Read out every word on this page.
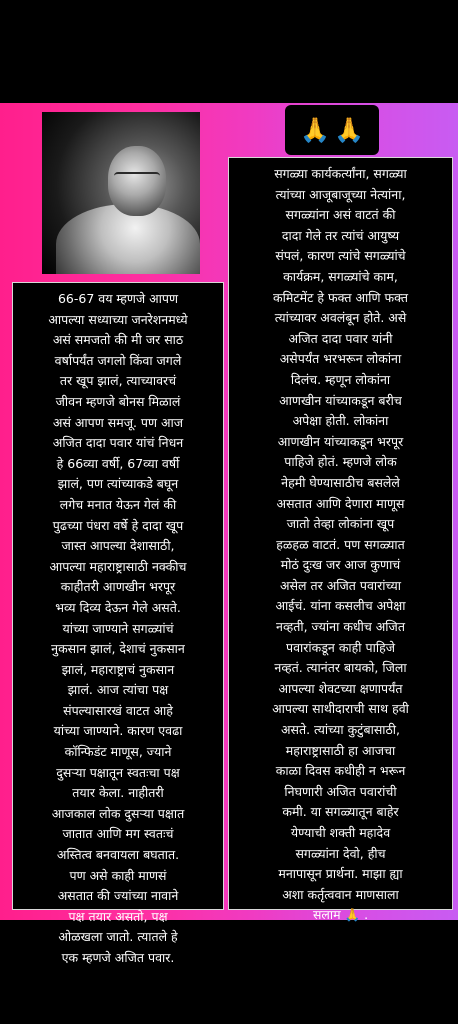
🙏 🙏
66-67 वय म्हणजे आपण
आपल्या सध्याच्या जनरेशनमध्ये
असं समजतो की मी जर साठ
वर्षापर्यंत जगलो किंवा जगले
तर खूप झालं, त्याच्यावरचं
जीवन म्हणजे बोनस मिळालं
असं आपण समजू. पण आज
अजित दादा पवार यांचं निधन
हे 66व्या वर्षी, 67व्या वर्षी
झालं, पण त्यांच्याकडे बघून
लगेच मनात येऊन गेलं की
पुढच्या पंधरा वर्षे हे दादा खूप
जास्त आपल्या देशासाठी,
आपल्या महाराष्ट्रासाठी नक्कीच
काहीतरी आणखीन भरपूर
भव्य दिव्य देऊन गेले असते.
यांच्या जाण्याने सगळ्यांचं
नुकसान झालं, देशाचं नुकसान
झालं, महाराष्ट्राचं नुकसान
झालं. आज त्यांचा पक्ष
संपल्यासारखं वाटत आहे
यांच्या जाण्याने. कारण एवढा
कॉन्फिडंट माणूस, ज्याने
दुसऱ्या पक्षातून स्वतःचा पक्ष
तयार केला. नाहीतरी
आजकाल लोक दुसऱ्या पक्षात
जातात आणि मग स्वतःचं
अस्तित्व बनवायला बघतात.
पण असे काही माणसं
असतात की ज्यांच्या नावाने
पक्ष तयार असतो, पक्ष
ओळखला जातो. त्यातले हे
एक म्हणजे अजित पवार.
सगळ्या कार्यकर्त्यांना, सगळ्या
त्यांच्या आजूबाजूच्या नेत्यांना,
सगळ्यांना असं वाटतं की
दादा गेले तर त्यांचं आयुष्य
संपलं, कारण त्यांचे सगळ्यांचे
कार्यक्रम, सगळ्यांचे काम,
कमिटमेंट हे फक्त आणि फक्त
त्यांच्यावर अवलंबून होते. असे
अजित दादा पवार यांनी
असेपर्यंत भरभरून लोकांना
दिलंच. म्हणून लोकांना
आणखीन यांच्याकडून बरीच
अपेक्षा होती. लोकांना
आणखीन यांच्याकडून भरपूर
पाहिजे होतं. म्हणजे लोक
नेहमी घेण्यासाठीच बसलेले
असतात आणि देणारा माणूस
जातो तेव्हा लोकांना खूप
हळहळ वाटतं. पण सगळ्यात
मोठं दुःख जर आज कुणाचं
असेल तर अजित पवारांच्या
आईचं. यांना कसलीच अपेक्षा
नव्हती, ज्यांना कधीच अजित
पवारांकडून काही पाहिजे
नव्हतं. त्यानंतर बायको, जिला
आपल्या शेवटच्या क्षणापर्यंत
आपल्या साथीदाराची साथ हवी
असते. त्यांच्या कुटुंबासाठी,
महाराष्ट्रासाठी हा आजचा
काळा दिवस कधीही न भरून
निघणारी अजित पवारांची
कमी. या सगळ्यातून बाहेर
येण्याची शक्ती महादेव
सगळ्यांना देवो, हीच
मनापासून प्रार्थना. माझा ह्या
अशा कर्तृत्ववान माणसाला
सलाम 🙏 .
